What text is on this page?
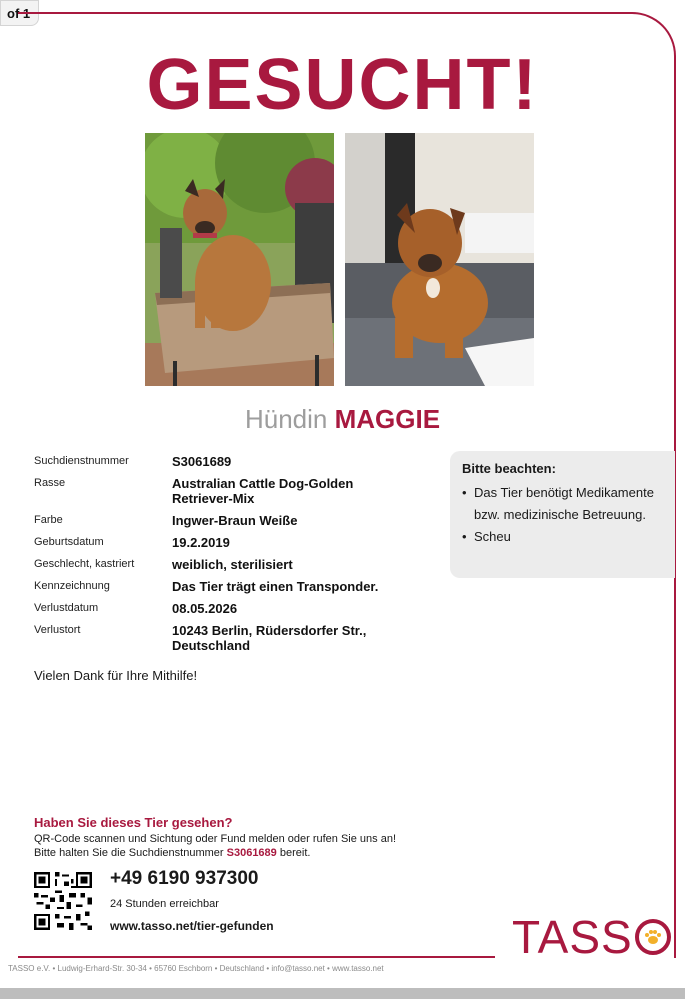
of 1
GESUCHT!
Hündin MAGGIE
Suchdienstnummer	S3061689
Rasse	Australian Cattle Dog-Golden Retriever-Mix
Farbe	Ingwer-Braun Weiße
Geburtsdatum	19.2.2019
Geschlecht, kastriert	weiblich, sterilisiert
Kennzeichnung	Das Tier trägt einen Transponder.
Verlustdatum	08.05.2026
Verlustort	10243 Berlin, Rüdersdorfer Str., Deutschland
Bitte beachten:
• Das Tier benötigt Medikamente bzw. medizinische Betreuung.
• Scheu
Vielen Dank für Ihre Mithilfe!
Haben Sie dieses Tier gesehen?

QR-Code scannen und Sichtung oder Fund melden oder rufen Sie uns an!

Bitte halten Sie die Suchdienstnummer S3061689 bereit.

+49 6190 937300
24 Stunden erreichbar
www.tasso.net/tier-gefunden	TASS
TASSO e.V. • Ludwig-Erhard-Str. 30-34 • 65760 Eschborn • Deutschland • info@tasso.net • www.tasso.net
